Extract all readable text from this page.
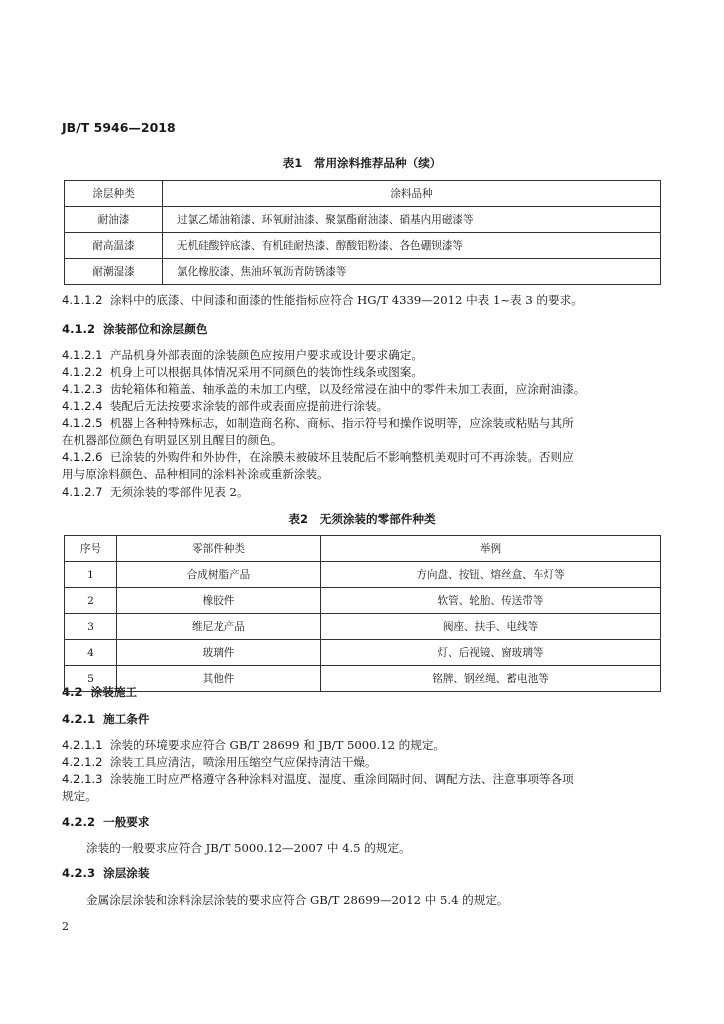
JB/T 5946—2018
表1　常用涂料推荐品种（续）
涂层种类	涂料品种
耐油漆	过氯乙烯油箱漆、环氧耐油漆、聚氯酯耐油漆、硝基内用磁漆等
耐高温漆	无机硅酸锌底漆、有机硅耐热漆、醇酸铝粉漆、各色硼钡漆等
耐潮湿漆	氯化橡胶漆、焦油环氧沥青防锈漆等
4.1.1.2 涂料中的底漆、中间漆和面漆的性能指标应符合 HG/T 4339—2012 中表 1~表 3 的要求。
4.1.2 涂装部位和涂层颜色
4.1.2.1 产品机身外部表面的涂装颜色应按用户要求或设计要求确定。
4.1.2.2 机身上可以根据具体情况采用不同颜色的装饰性线条或图案。
4.1.2.3 齿轮箱体和箱盖、轴承盖的未加工内壁，以及经常浸在油中的零件未加工表面，应涂耐油漆。
4.1.2.4 装配后无法按要求涂装的部件或表面应提前进行涂装。
4.1.2.5 机器上各种特殊标志，如制造商名称、商标、指示符号和操作说明等，应涂装或粘贴与其所
在机器部位颜色有明显区别且醒目的颜色。
4.1.2.6 已涂装的外购件和外协件，在涂膜未被破坏且装配后不影响整机美观时可不再涂装。否则应
用与原涂料颜色、品种相同的涂料补涂或重新涂装。
4.1.2.7 无须涂装的零部件见表 2。
表2　无须涂装的零部件种类
序号	零部件种类	举例
1	合成树脂产品	方向盘、按钮、熔丝盒、车灯等
2	橡胶件	软管、轮胎、传送带等
3	维尼龙产品	阀座、扶手、电线等
4	玻璃件	灯、后视镜、窗玻璃等
5	其他件	铭牌、钢丝绳、蓄电池等
4.2 涂装施工
4.2.1 施工条件
4.2.1.1 涂装的环境要求应符合 GB/T 28699 和 JB/T 5000.12 的规定。
4.2.1.2 涂装工具应清洁，喷涂用压缩空气应保持清洁干燥。
4.2.1.3 涂装施工时应严格遵守各种涂料对温度、湿度、重涂间隔时间、调配方法、注意事项等各项
规定。
4.2.2 一般要求
涂装的一般要求应符合 JB/T 5000.12—2007 中 4.5 的规定。
4.2.3 涂层涂装
金属涂层涂装和涂料涂层涂装的要求应符合 GB/T 28699—2012 中 5.4 的规定。
2
